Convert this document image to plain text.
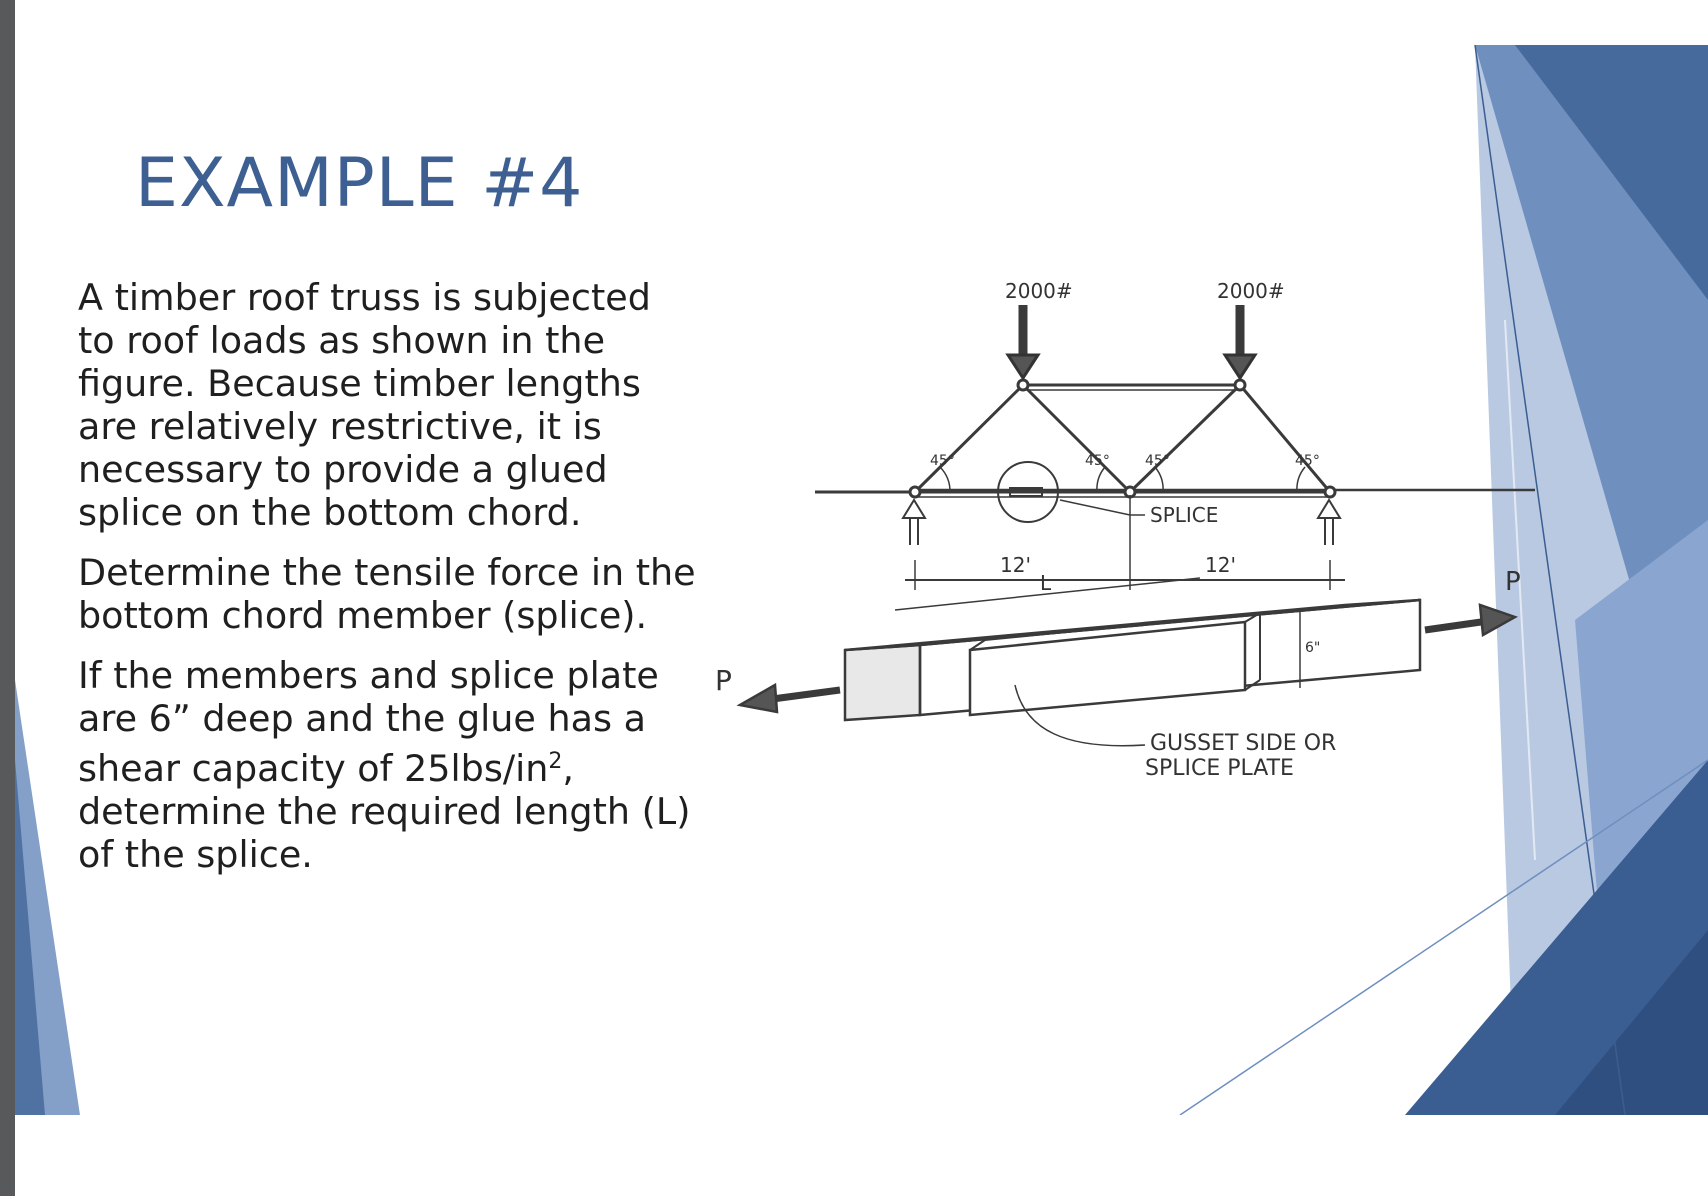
EXAMPLE #4

A timber roof truss is subjected to roof loads as shown in the figure. Because timber lengths are relatively restrictive, it is necessary to provide a glued splice on the bottom chord.

Determine the tensile force in the bottom chord member (splice).

If the members and splice plate are 6” deep and the glue has a shear capacity of $25lbs/in^2$, determine the required length (L) of the splice.

2000#	2000#
45°	45°	45°	45°
SPLICE
12'	12'
L
6"
P
P
GUSSET SIDE OR
SPLICE PLATE
